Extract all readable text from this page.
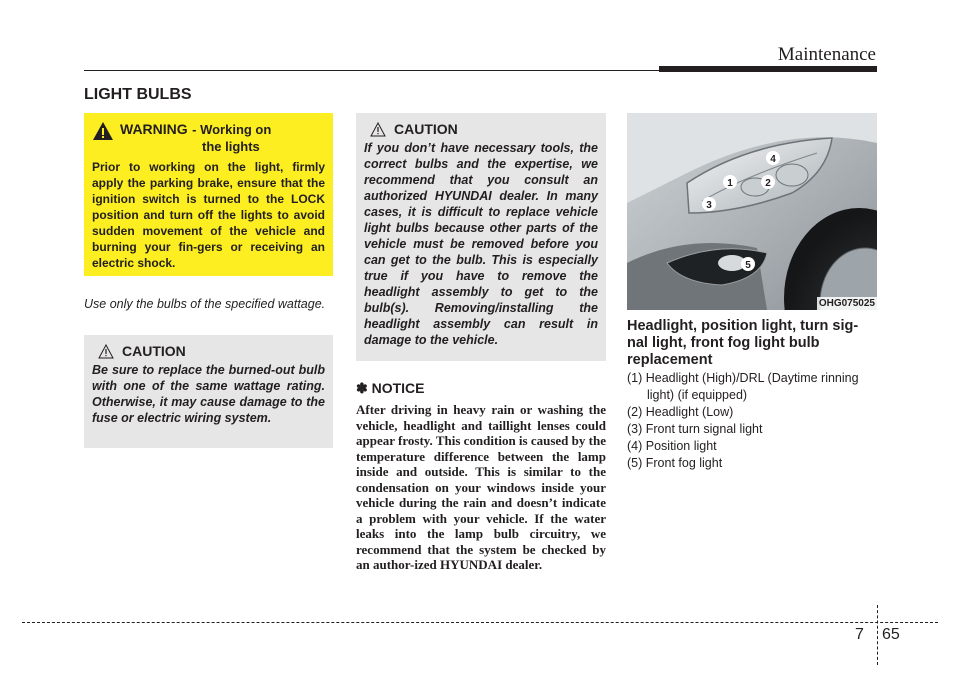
Maintenance
LIGHT BULBS
WARNING - Working on
the lights
Prior to working on the light, firmly apply the parking brake, ensure that the ignition switch is turned to the LOCK position and turn off the lights to avoid sudden movement of the vehicle and burning your fin-gers or receiving an electric shock.
Use only the bulbs of the specified wattage.
CAUTION
Be sure to replace the burned-out bulb with one of the same wattage rating. Otherwise, it may cause damage to the fuse or electric wiring system.
CAUTION
If you don’t have necessary tools, the correct bulbs and the expertise, we recommend that you consult an authorized HYUNDAI dealer. In many cases, it is difficult to replace vehicle light bulbs because other parts of the vehicle must be removed before you can get to the bulb. This is especially true if you have to remove the headlight assembly to get to the bulb(s). Removing/installing the headlight assembly can result in damage to the vehicle.
✽ NOTICE
After driving in heavy rain or washing the vehicle, headlight and taillight lenses could appear frosty. This condition is caused by the temperature difference between the lamp inside and outside. This is similar to the condensation on your windows inside your vehicle during the rain and doesn’t indicate a problem with your vehicle. If the water leaks into the lamp bulb circuitry, we recommend that the system be checked by an author-ized HYUNDAI dealer.
1	2
3
4
5
OHG075025
Headlight, position light, turn sig-nal light, front fog light bulb replacement
(1) Headlight (High)/DRL (Daytime rinning light) (if equipped)
(2) Headlight (Low)
(3) Front turn signal light
(4) Position light
(5) Front fog light
7 65
